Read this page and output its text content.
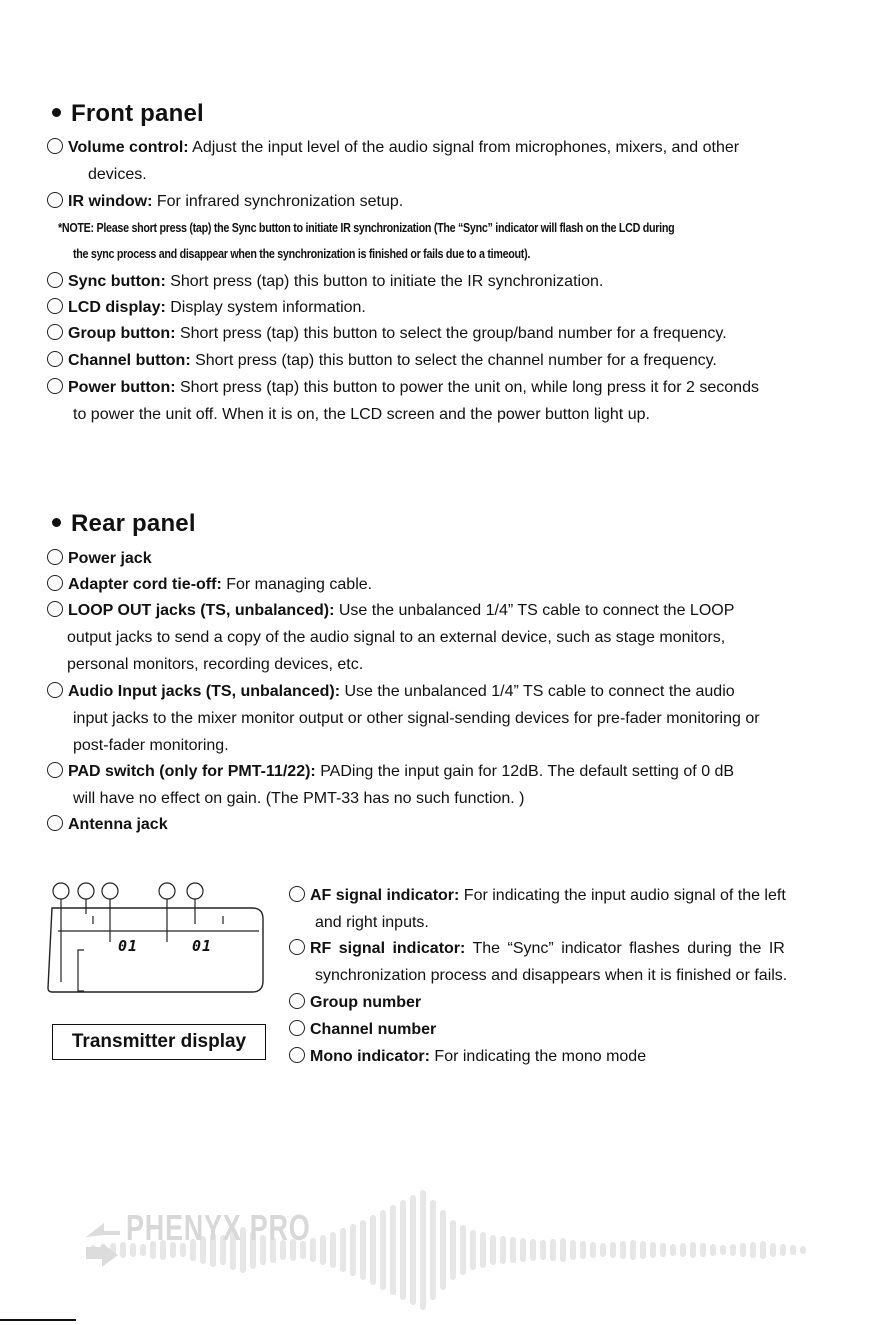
Front panel
Volume control: Adjust the input level of the audio signal from microphones, mixers, and other
devices.
IR window: For infrared synchronization setup.
*NOTE: Please short press (tap) the Sync button to initiate IR synchronization (The “Sync” indicator will flash on the LCD during
the sync process and disappear when the synchronization is finished or fails due to a timeout).
Sync button: Short press (tap) this button to initiate the IR synchronization.
LCD display: Display system information.
Group button: Short press (tap) this button to select the group/band number for a frequency.
Channel button: Short press (tap) this button to select the channel number for a frequency.
Power button: Short press (tap) this button to power the unit on, while long press it for 2 seconds
to power the unit off. When it is on, the LCD screen and the power button light up.
Rear panel
Power jack
Adapter cord tie-off: For managing cable.
LOOP OUT jacks (TS, unbalanced): Use the unbalanced 1/4” TS cable to connect the LOOP
output jacks to send a copy of the audio signal to an external device, such as stage monitors,
personal monitors, recording devices, etc.
Audio Input jacks (TS, unbalanced): Use the unbalanced 1/4” TS cable to connect the audio
input jacks to the mixer monitor output or other signal-sending devices for pre-fader monitoring or
post-fader monitoring.
PAD switch (only for PMT-11/22): PADing the input gain for 12dB. The default setting of 0 dB
will have no effect on gain. (The PMT-33 has no such function. )
Antenna jack
01	01
Transmitter display
AF signal indicator: For indicating the input audio signal of the left
and right inputs.
RF signal indicator: The “Sync” indicator flashes during the IR
synchronization process and disappears when it is finished or fails.
Group number
Channel number
Mono indicator: For indicating the mono mode
PHENYX PRO
